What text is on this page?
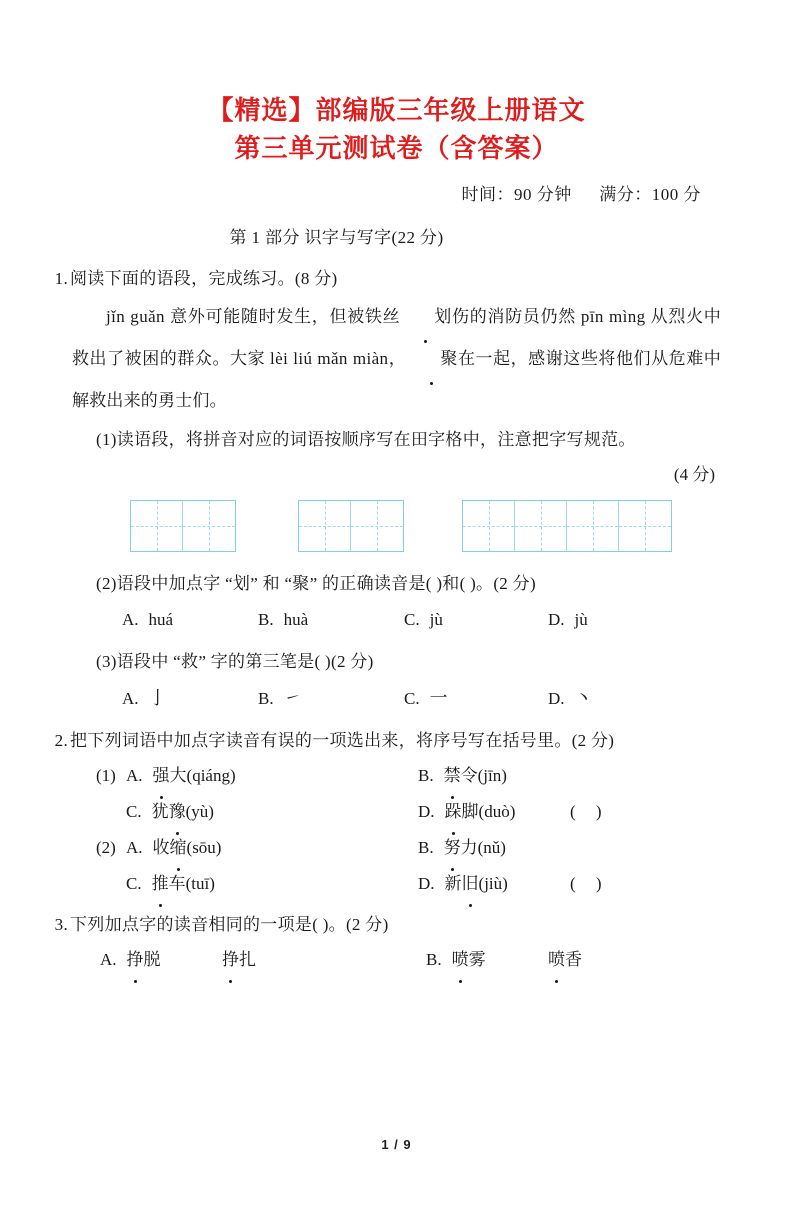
【精选】部编版三年级上册语文
第三单元测试卷（含答案）
时间：90 分钟 满分：100 分
第 1 部分 识字与写字(22 分)
1. 阅读下面的语段，完成练习。(8 分)
jǐn guǎn 意外可能随时发生，但被铁丝 划伤的消防员仍然 pīn mìng 从烈火中救出了被困的群众。大家 lèi liú mǎn miàn， 聚在一起，感谢这些将他们从危难中解救出来的勇士们。
(1)读语段，将拼音对应的词语按顺序写在田字格中，注意把字写规范。
(4 分)
(2)语段中加点字 “划” 和 “聚” 的正确读音是( )和( )。(2 分)
A. huá	B. huà	C. jù	D. jù
(3)语段中 “救” 字的第三笔是( )(2 分)
A. 亅	B. ㇀	C. 一	D. 丶
2. 把下列词语中加点字读音有误的一项选出来，将序号写在括号里。(2 分)
(1) A. 强大(qiáng)	B. 禁令(jīn)
C. 犹豫(yù)	D. 跺脚(duò)	( )
(2) A. 收缩(sōu)	B. 努力(nǔ)
C. 推车(tuī)	D. 新旧(jiù)	( )
3. 下列加点字的读音相同的一项是( )。(2 分)
A. 挣脱	挣扎	B. 喷雾	喷香
1 / 9
